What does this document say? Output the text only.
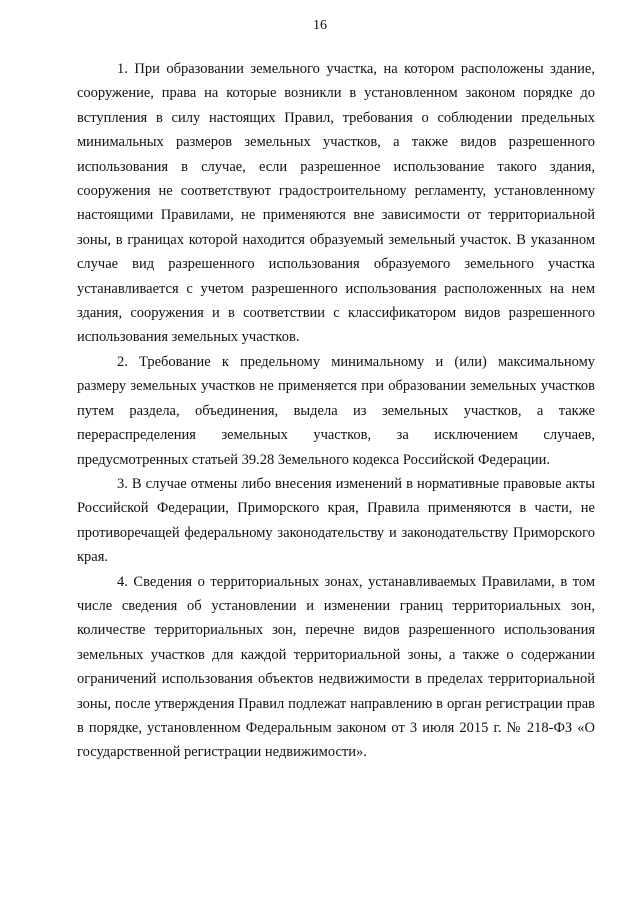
16

1. При образовании земельного участка, на котором расположены здание, сооружение, права на которые возникли в установленном законом порядке до вступления в силу настоящих Правил, требования о соблюдении предельных минимальных размеров земельных участков, а также видов разрешенного использования в случае, если разрешенное использование такого здания, сооружения не соответствуют градостроительному регламенту, установленному настоящими Правилами, не применяются вне зависимости от территориальной зоны, в границах которой находится образуемый земельный участок. В указанном случае вид разрешенного использования образуемого земельного участка устанавливается с учетом разрешенного использования расположенных на нем здания, сооружения и в соответствии с классификатором видов разрешенного использования земельных участков.

2. Требование к предельному минимальному и (или) максимальному размеру земельных участков не применяется при образовании земельных участков путем раздела, объединения, выдела из земельных участков, а также перераспределения земельных участков, за исключением случаев, предусмотренных статьей 39.28 Земельного кодекса Российской Федерации.

3. В случае отмены либо внесения изменений в нормативные правовые акты Российской Федерации, Приморского края, Правила применяются в части, не противоречащей федеральному законодательству и законодательству Приморского края.

4. Сведения о территориальных зонах, устанавливаемых Правилами, в том числе сведения об установлении и изменении границ территориальных зон, количестве территориальных зон, перечне видов разрешенного использования земельных участков для каждой территориальной зоны, а также о содержании ограничений использования объектов недвижимости в пределах территориальной зоны, после утверждения Правил подлежат направлению в орган регистрации прав в порядке, установленном Федеральным законом от 3 июля 2015 г. № 218-ФЗ «О государственной регистрации недвижимости».
